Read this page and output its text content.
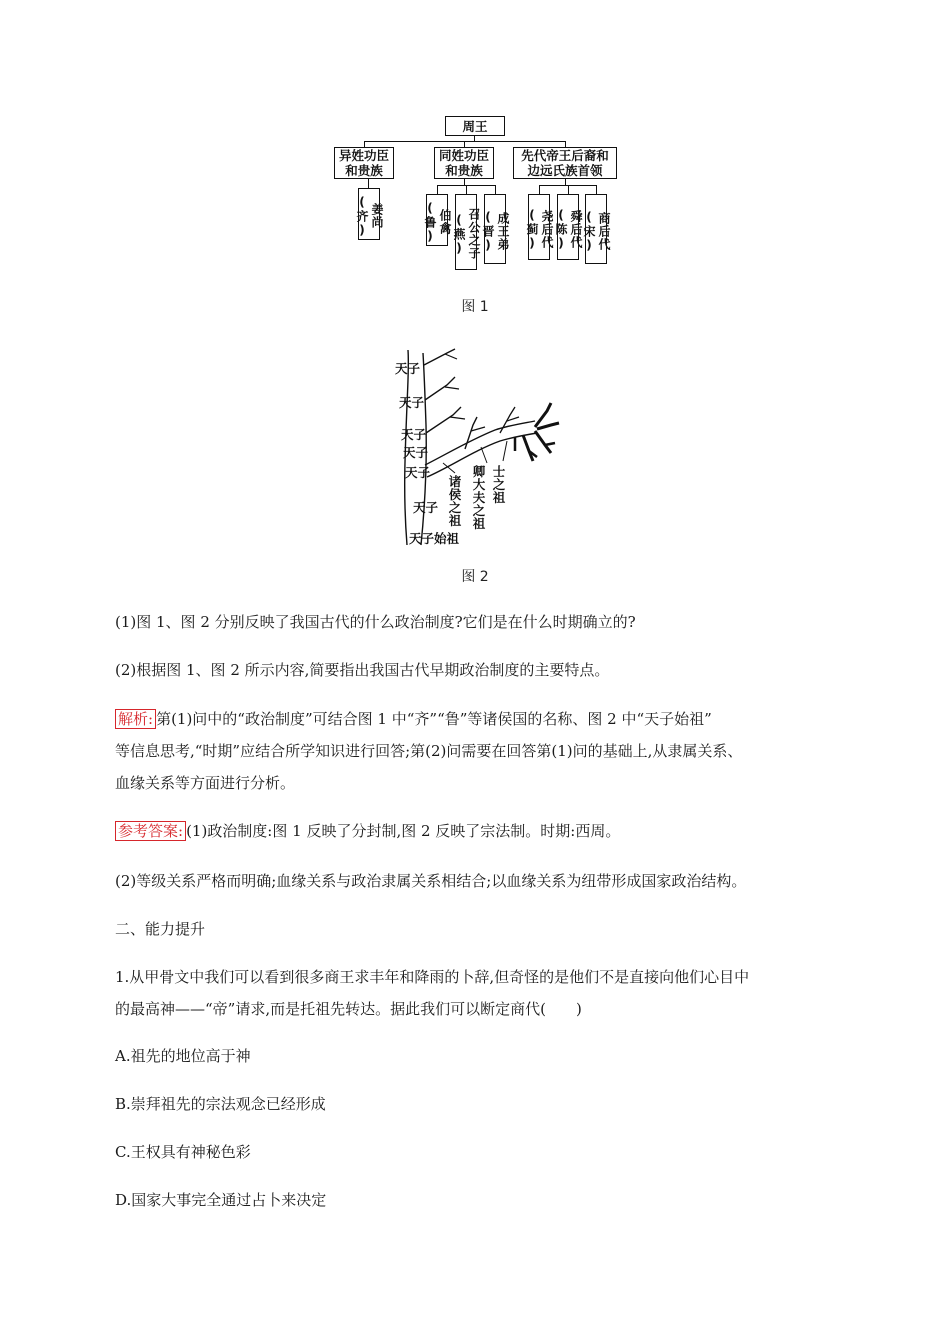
周王
异姓功臣和贵族
同姓功臣和贵族
先代帝王后裔和边远氏族首领
姜尚(齐)	伯禽(鲁)	召公之子(燕)	成王弟(晋)	尧后代(蓟)	舜后代(陈)	商后代(宋)
图 1
天子
天子
天子
天子
天子
天子
天子始祖
诸侯之祖 卿大夫之祖 士之祖
图 2
(1)图 1、图 2 分别反映了我国古代的什么政治制度?它们是在什么时期确立的?
(2)根据图 1、图 2 所示内容,简要指出我国古代早期政治制度的主要特点。
解析: 第(1)问中的“政治制度”可结合图 1 中“齐”“鲁”等诸侯国的名称、图 2 中“天子始祖”
等信息思考,“时期”应结合所学知识进行回答;第(2)问需要在回答第(1)问的基础上,从隶属关系、
血缘关系等方面进行分析。
参考答案: (1)政治制度:图 1 反映了分封制,图 2 反映了宗法制。时期:西周。
(2)等级关系严格而明确;血缘关系与政治隶属关系相结合;以血缘关系为纽带形成国家政治结构。
二、能力提升
1.从甲骨文中我们可以看到很多商王求丰年和降雨的卜辞,但奇怪的是他们不是直接向他们心目中
的最高神——“帝”请求,而是托祖先转达。据此我们可以断定商代(　　)
A.祖先的地位高于神
B.崇拜祖先的宗法观念已经形成
C.王权具有神秘色彩
D.国家大事完全通过占卜来决定
